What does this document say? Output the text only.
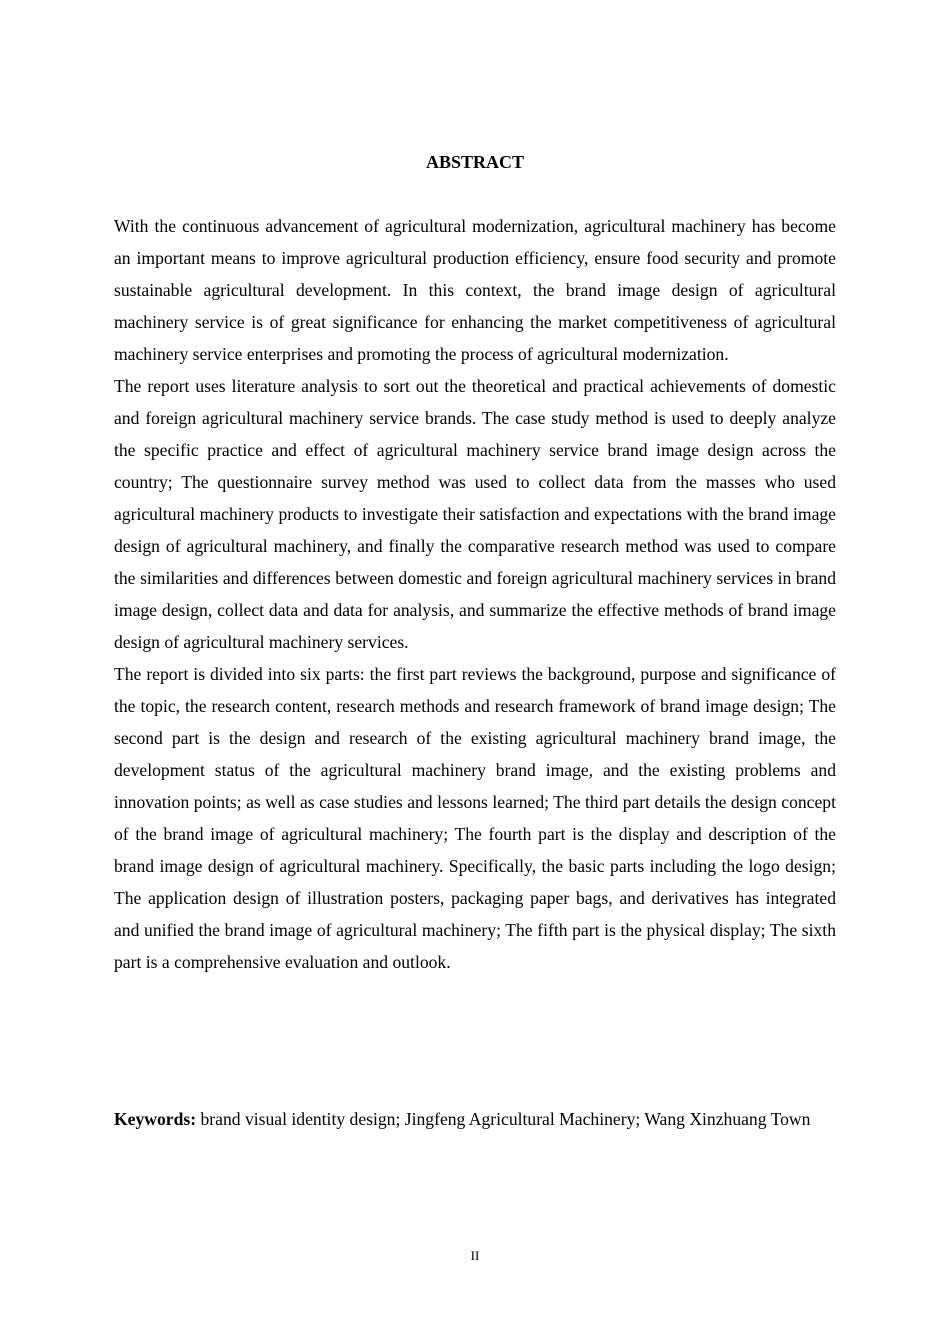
ABSTRACT

With the continuous advancement of agricultural modernization, agricultural machinery has become an important means to improve agricultural production efficiency, ensure food security and promote sustainable agricultural development. In this context, the brand image design of agricultural machinery service is of great significance for enhancing the market competitiveness of agricultural machinery service enterprises and promoting the process of agricultural modernization.

The report uses literature analysis to sort out the theoretical and practical achievements of domestic and foreign agricultural machinery service brands. The case study method is used to deeply analyze the specific practice and effect of agricultural machinery service brand image design across the country; The questionnaire survey method was used to collect data from the masses who used agricultural machinery products to investigate their satisfaction and expectations with the brand image design of agricultural machinery, and finally the comparative research method was used to compare the similarities and differences between domestic and foreign agricultural machinery services in brand image design, collect data and data for analysis, and summarize the effective methods of brand image design of agricultural machinery services.

The report is divided into six parts: the first part reviews the background, purpose and significance of the topic, the research content, research methods and research framework of brand image design; The second part is the design and research of the existing agricultural machinery brand image, the development status of the agricultural machinery brand image, and the existing problems and innovation points; as well as case studies and lessons learned; The third part details the design concept of the brand image of agricultural machinery; The fourth part is the display and description of the brand image design of agricultural machinery. Specifically, the basic parts including the logo design; The application design of illustration posters, packaging paper bags, and derivatives has integrated and unified the brand image of agricultural machinery; The fifth part is the physical display; The sixth part is a comprehensive evaluation and outlook.

Keywords: brand visual identity design; Jingfeng Agricultural Machinery; Wang Xinzhuang Town
II
